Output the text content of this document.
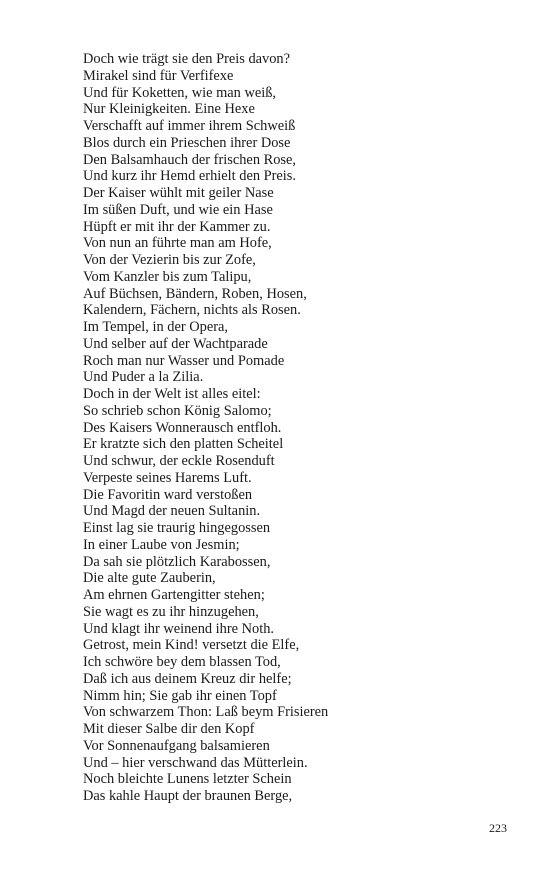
Doch wie trägt sie den Preis davon?
Mirakel sind für Verfifexe
Und für Koketten, wie man weiß,
Nur Kleinigkeiten. Eine Hexe
Verschafft auf immer ihrem Schweiß
Blos durch ein Prieschen ihrer Dose
Den Balsamhauch der frischen Rose,
Und kurz ihr Hemd erhielt den Preis.
Der Kaiser wühlt mit geiler Nase
Im süßen Duft, und wie ein Hase
Hüpft er mit ihr der Kammer zu.
Von nun an führte man am Hofe,
Von der Vezierin bis zur Zofe,
Vom Kanzler bis zum Talipu,
Auf Büchsen, Bändern, Roben, Hosen,
Kalendern, Fächern, nichts als Rosen.
Im Tempel, in der Opera,
Und selber auf der Wachtparade
Roch man nur Wasser und Pomade
Und Puder a la Zilia.
Doch in der Welt ist alles eitel:
So schrieb schon König Salomo;
Des Kaisers Wonnerausch entfloh.
Er kratzte sich den platten Scheitel
Und schwur, der eckle Rosenduft
Verpeste seines Harems Luft.
Die Favoritin ward verstoßen
Und Magd der neuen Sultanin.
Einst lag sie traurig hingegossen
In einer Laube von Jesmin;
Da sah sie plötzlich Karabossen,
Die alte gute Zauberin,
Am ehrnen Gartengitter stehen;
Sie wagt es zu ihr hinzugehen,
Und klagt ihr weinend ihre Noth.
Getrost, mein Kind! versetzt die Elfe,
Ich schwöre bey dem blassen Tod,
Daß ich aus deinem Kreuz dir helfe;
Nimm hin; Sie gab ihr einen Topf
Von schwarzem Thon: Laß beym Frisieren
Mit dieser Salbe dir den Kopf
Vor Sonnenaufgang balsamieren
Und – hier verschwand das Mütterlein.
Noch bleichte Lunens letzter Schein
Das kahle Haupt der braunen Berge,
223
